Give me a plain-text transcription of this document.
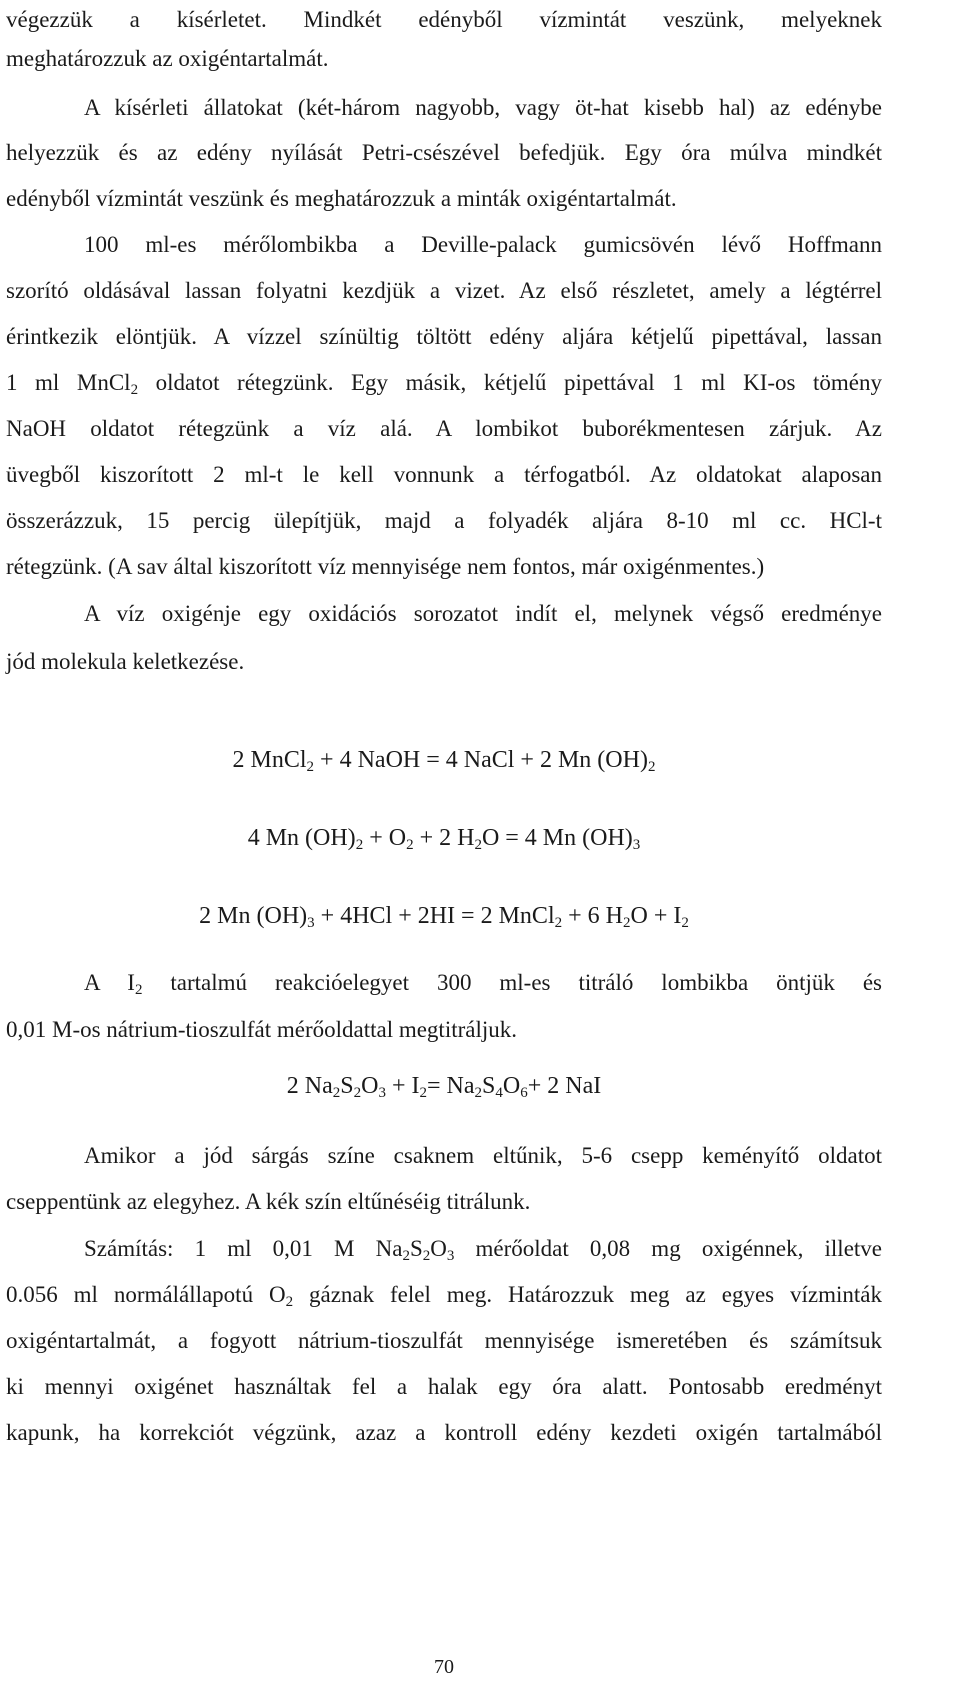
végezzük a kísérletet. Mindkét edényből vízmintát veszünk, melyeknek
meghatározzuk az oxigéntartalmát.
A kísérleti állatokat (két-három nagyobb, vagy öt-hat kisebb hal) az edénybe
helyezzük és az edény nyílását Petri-csészével befedjük. Egy óra múlva mindkét
edényből vízmintát veszünk és meghatározzuk a minták oxigéntartalmát.
100 ml-es mérőlombikba a Deville-palack gumicsövén lévő Hoffmann
szorító oldásával lassan folyatni kezdjük a vizet. Az első részletet, amely a légtérrel
érintkezik elöntjük. A vízzel színültig töltött edény aljára kétjelű pipettával, lassan
1 ml MnCl$_2$ oldatot rétegzünk. Egy másik, kétjelű pipettával 1 ml KI-os tömény
NaOH oldatot rétegzünk a víz alá. A lombikot buborékmentesen zárjuk. Az
üvegből kiszorított 2 ml-t le kell vonnunk a térfogatból. Az oldatokat alaposan
összerázzuk, 15 percig ülepítjük, majd a folyadék aljára 8-10 ml cc. HCl-t
rétegzünk. (A sav által kiszorított víz mennyisége nem fontos, már oxigénmentes.)
A víz oxigénje egy oxidációs sorozatot indít el, melynek végső eredménye
jód molekula keletkezése.
2 MnCl$_2$ + 4 NaOH = 4 NaCl + 2 Mn $(OH)_2$
4 Mn $(OH)_2 + O_2 + 2$ $H_2O = 4$ Mn $(OH)_3$
2 Mn $(OH)_3 + 4HCl + 2HI = 2$ MnCl$_2$ + 6 $H_2O + I_2$
A $I_2$ tartalmú reakcióelegyet 300 ml-es titráló lombikba öntjük és
0,01 M-os nátrium-tioszulfát mérőoldattal megtitráljuk.
2 $Na_2S_2O_3 + I_2= Na_2S_4O_6+ 2$ NaI
Amikor a jód sárgás színe csaknem eltűnik, 5-6 csepp keményítő oldatot
cseppentünk az elegyhez. A kék szín eltűnéséig titrálunk.
Számítás: 1 ml 0,01 M $Na_2S_2O_3$ mérőoldat 0,08 mg oxigénnek, illetve
0.056 ml normálállapotú $O_2$ gáznak felel meg. Határozzuk meg az egyes vízminták
oxigéntartalmát, a fogyott nátrium-tioszulfát mennyisége ismeretében és számítsuk
ki mennyi oxigénet használtak fel a halak egy óra alatt. Pontosabb eredményt
kapunk, ha korrekciót végzünk, azaz a kontroll edény kezdeti oxigén tartalmából
70
